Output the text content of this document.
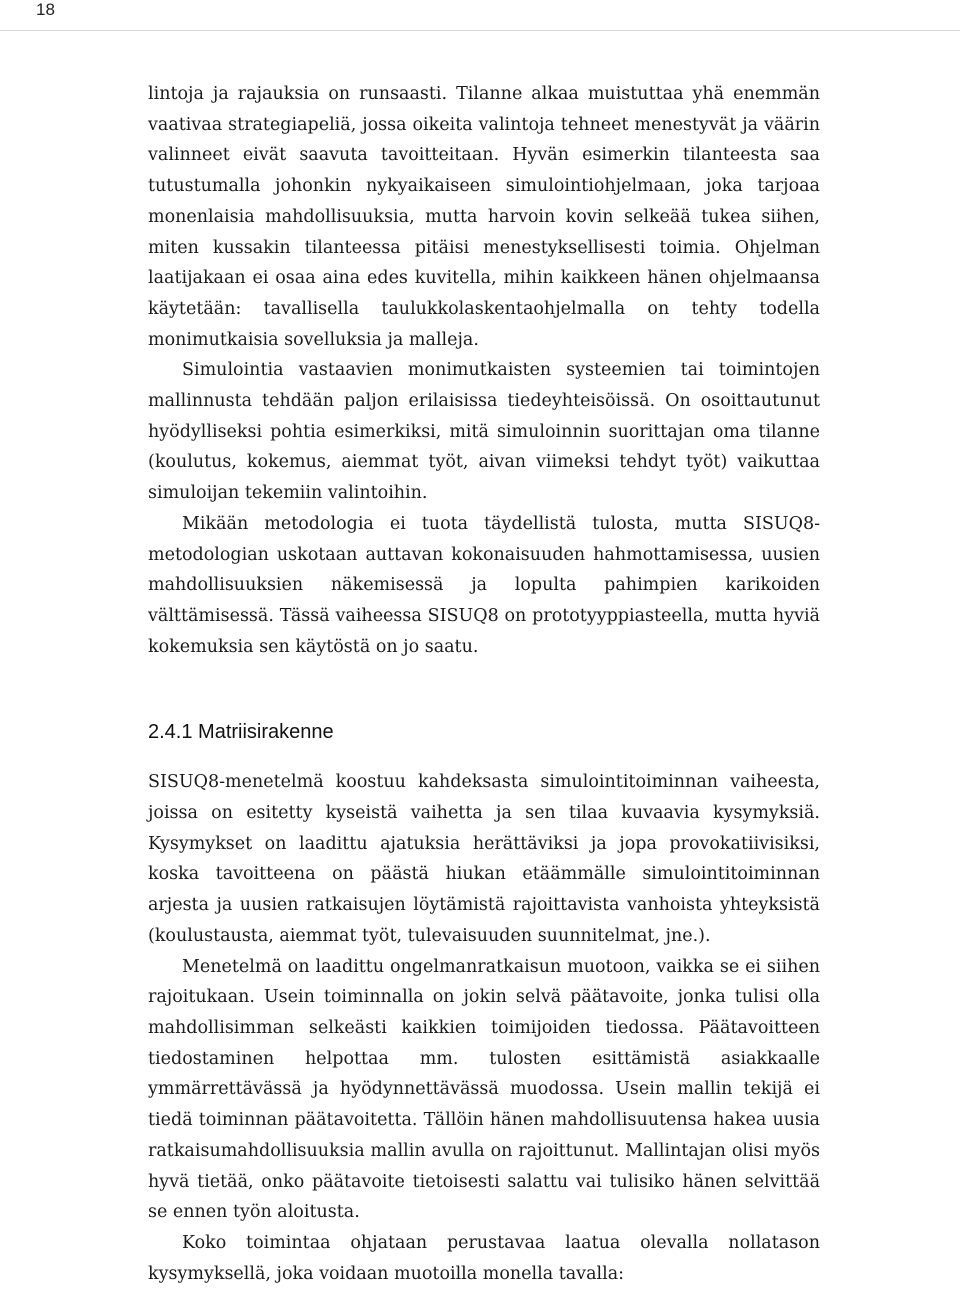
18

lintoja ja rajauksia on runsaasti. Tilanne alkaa muistuttaa yhä enemmän vaativaa strategiapeliä, jossa oikeita valintoja tehneet menestyvät ja väärin valinneet eivät saavuta tavoitteitaan. Hyvän esimerkin tilanteesta saa tutustumalla johonkin nykyaikaiseen simulointiohjelmaan, joka tarjoaa monenlaisia mahdollisuuksia, mutta harvoin kovin selkeää tukea siihen, miten kussakin tilanteessa pitäisi menestyksellisesti toimia. Ohjelman laatijakaan ei osaa aina edes kuvitella, mihin kaikkeen hänen ohjelmaansa käytetään: tavallisella taulukkolaskentaohjelmalla on tehty todella monimutkaisia sovelluksia ja malleja.

Simulointia vastaavien monimutkaisten systeemien tai toimintojen mallinnusta tehdään paljon erilaisissa tiedeyhteisöissä. On osoittautunut hyödylliseksi pohtia esimerkiksi, mitä simuloinnin suorittajan oma tilanne (koulutus, kokemus, aiemmat työt, aivan viimeksi tehdyt työt) vaikuttaa simuloijan tekemiin valintoihin.

Mikään metodologia ei tuota täydellistä tulosta, mutta SISUQ8-metodologian uskotaan auttavan kokonaisuuden hahmottamisessa, uusien mahdollisuuksien näkemisessä ja lopulta pahimpien karikoiden välttämisessä. Tässä vaiheessa SISUQ8 on prototyyppiasteella, mutta hyviä kokemuksia sen käytöstä on jo saatu.

2.4.1 Matriisirakenne

SISUQ8-menetelmä koostuu kahdeksasta simulointitoiminnan vaiheesta, joissa on esitetty kyseistä vaihetta ja sen tilaa kuvaavia kysymyksiä. Kysymykset on laadittu ajatuksia herättäviksi ja jopa provokatiivisiksi, koska tavoitteena on päästä hiukan etäämmälle simulointitoiminnan arjesta ja uusien ratkaisujen löytämistä rajoittavista vanhoista yhteyksistä (koulustausta, aiemmat työt, tulevaisuuden suunnitelmat, jne.).

Menetelmä on laadittu ongelmanratkaisun muotoon, vaikka se ei siihen rajoitukaan. Usein toiminnalla on jokin selvä päätavoite, jonka tulisi olla mahdollisimman selkeästi kaikkien toimijoiden tiedossa. Päätavoitteen tiedostaminen helpottaa mm. tulosten esittämistä asiakkaalle ymmärrettävässä ja hyödynnettävässä muodossa. Usein mallin tekijä ei tiedä toiminnan päätavoitetta. Tällöin hänen mahdollisuutensa hakea uusia ratkaisumahdollisuuksia mallin avulla on rajoittunut. Mallintajan olisi myös hyvä tietää, onko päätavoite tietoisesti salattu vai tulisiko hänen selvittää se ennen työn aloitusta.

Koko toimintaa ohjataan perustavaa laatua olevalla nollatason kysymyksellä, joka voidaan muotoilla monella tavalla:
